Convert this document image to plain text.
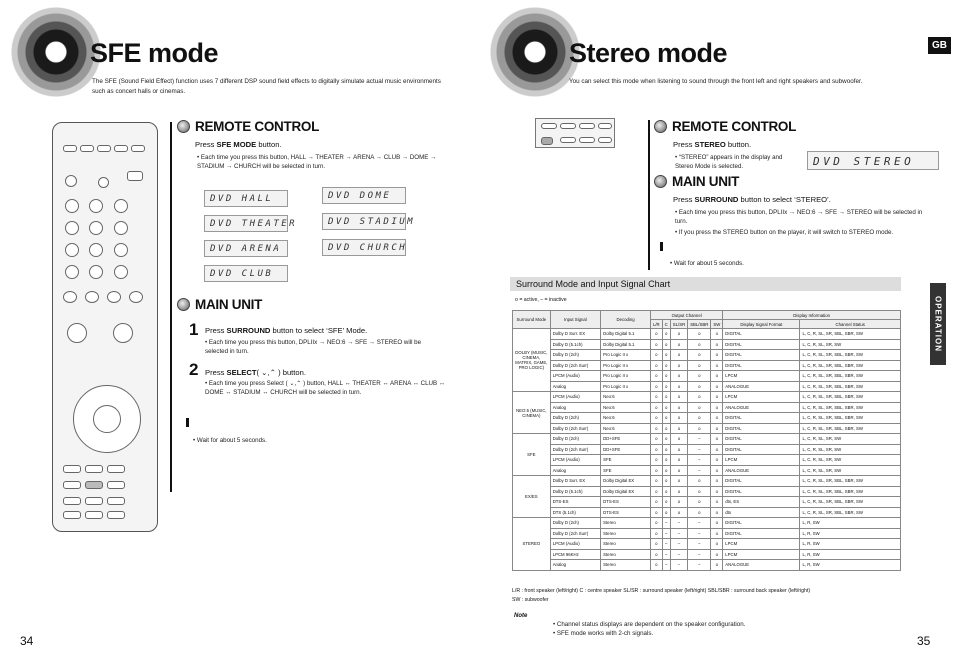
SFE mode
The SFE (Sound Field Effect) function uses 7 different DSP sound field effects to digitally simulate actual music environments such as concert halls or cinemas.
REMOTE CONTROL
Press SFE MODE button.
• Each time you press this button, HALL → THEATER → ARENA → CLUB → DOME → STADIUM → CHURCH will be selected in turn.
DVD HALL	DVD DOME
DVD THEATER	DVD STADIUM
DVD ARENA	DVD CHURCH
DVD CLUB
MAIN UNIT
1 Press SURROUND button to select ‘SFE’ Mode.
• Each time you press this button, DPLIIx → NEO:6 → SFE → STEREO will be selected in turn.
2 Press SELECT( ⌄,⌃ ) button.
• Each time you press Select ( ⌄,⌃ ) button, HALL ↔ THEATER ↔ ARENA ↔ CLUB ↔ DOME ↔ STADIUM ↔ CHURCH will be selected in turn.
• Wait for about 5 seconds.
34
Stereo mode
You can select this mode when listening to sound through the front left and right speakers and subwoofer.
GB
OPERATION
REMOTE CONTROL
Press STEREO button.
• “STEREO” appears in the display and Stereo Mode is selected.	DVD STEREO
MAIN UNIT
Press SURROUND button to select ‘STEREO’.
• Each time you press this button, DPLIIx → NEO:6 → SFE → STEREO will be selected in turn.
• If you press the STEREO button on the player, it will switch to STEREO mode.
• Wait for about 5 seconds.
Surround Mode and Input Signal Chart
o = active, – = inactive
Surround Mode	Input Signal	Decoding	Output Channel					Display Information	
			L/R	C	SL/SR	SBL/SBR	SW	Display Signal Format	Channel Status
DOLBY (MUSIC, CINEMA, MATRIX, GAME, PRO LOGIC)	Dolby D Surr. EX	Dolby Digital 5.1	o	o	o	o	o	DIGITAL	L, C, R, SL, SR, SBL, SBR, SW
	Dolby D (5.1ch)	Dolby Digital 5.1	o	o	o	o	o	DIGITAL	L, C, R, SL, SR, SW
	Dolby D (2ch)	Pro Logic II x	o	o	o	o	o	DIGITAL	L, C, R, SL, SR, SBL, SBR, SW
	Dolby D (2ch Surr)	Pro Logic II x	o	o	o	o	o	DIGITAL	L, C, R, SL, SR, SBL, SBR, SW
	LPCM (Audio)	Pro Logic II x	o	o	o	o	o	LPCM	L, C, R, SL, SR, SBL, SBR, SW
	Analog	Pro Logic II x	o	o	o	o	o	ANALOGUE	L, C, R, SL, SR, SBL, SBR, SW
NEO:6 (MUSIC, CINEMA)	LPCM (Audio)	Neo:6	o	o	o	o	o	LPCM	L, C, R, SL, SR, SBL, SBR, SW
	Analog	Neo:6	o	o	o	o	o	ANALOGUE	L, C, R, SL, SR, SBL, SBR, SW
	Dolby D (2ch)	Neo:6	o	o	o	o	o	DIGITAL	L, C, R, SL, SR, SBL, SBR, SW
	Dolby D (2ch Surr)	Neo:6	o	o	o	o	o	DIGITAL	L, C, R, SL, SR, SBL, SBR, SW
SFE	Dolby D (2ch)	DD+SFE	o	o	o	–	o	DIGITAL	L, C, R, SL, SR, SW
	Dolby D (2ch Surr)	DD+SFE	o	o	o	–	o	DIGITAL	L, C, R, SL, SR, SW
	LPCM (Audio)	SFE	o	o	o	–	o	LPCM	L, C, R, SL, SR, SW
	Analog	SFE	o	o	o	–	o	ANALOGUE	L, C, R, SL, SR, SW
EX/ES	Dolby D Surr. EX	Dolby Digital EX	o	o	o	o	o	DIGITAL	L, C, R, SL, SR, SBL, SBR, SW
	Dolby D (5.1ch)	Dolby Digital EX	o	o	o	o	o	DIGITAL	L, C, R, SL, SR, SBL, SBR, SW
	DTS-ES	DTS-ES	o	o	o	o	o	dts, ES	L, C, R, SL, SR, SBL, SBR, SW
	DTS (5.1ch)	DTS-ES	o	o	o	o	o	dts	L, C, R, SL, SR, SBL, SBR, SW
STEREO	Dolby D (2ch)	Stereo	o	–	–	–	o	DIGITAL	L, R, SW
	Dolby D (2ch Surr)	Stereo	o	–	–	–	o	DIGITAL	L, R, SW
	LPCM (Audio)	Stereo	o	–	–	–	o	LPCM	L, R, SW
	LPCM 96KHz	Stereo	o	–	–	–	o	LPCM	L, R, SW
	Analog	Stereo	o	–	–	–	o	ANALOGUE	L, R, SW
L/R : front speaker (left/right) C : centre speaker SL/SR : surround speaker (left/right) SBL/SBR : surround back speaker (left/right)
SW : subwoofer
Note
• Channel status displays are dependent on the speaker configuration.
• SFE mode works with 2-ch signals.
35
